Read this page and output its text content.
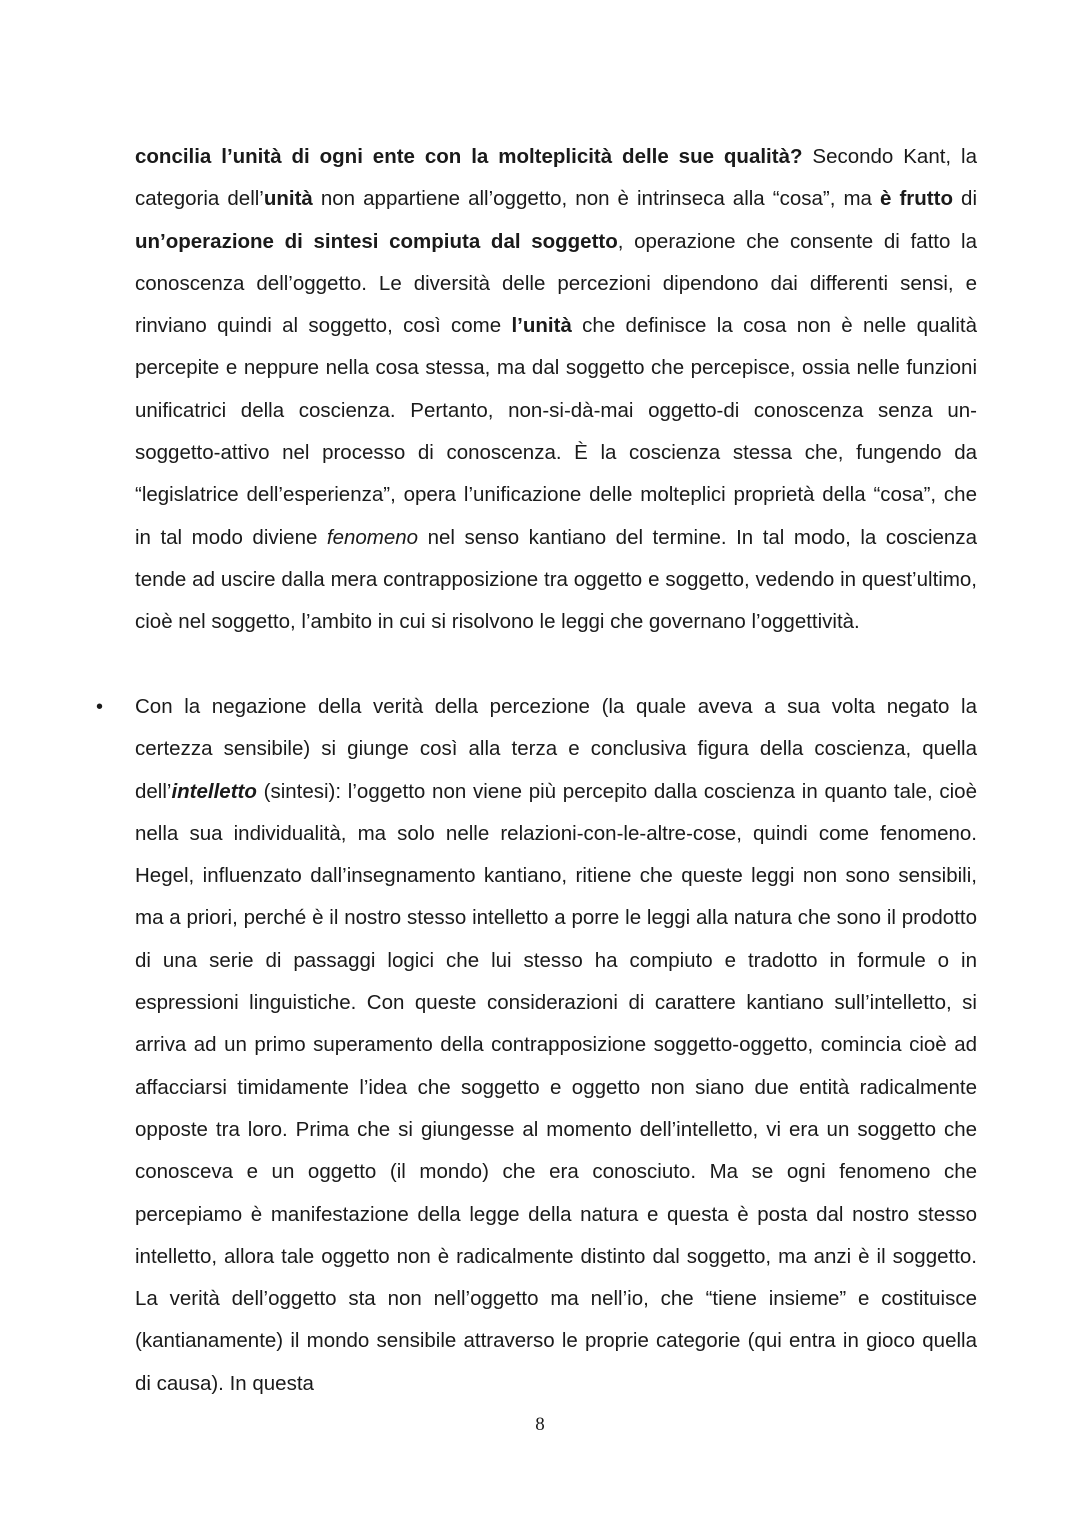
concilia l’unità di ogni ente con la molteplicità delle sue qualità? Secondo Kant, la categoria dell’unità non appartiene all’oggetto, non è intrinseca alla “cosa”, ma è frutto di un’operazione di sintesi compiuta dal soggetto, operazione che consente di fatto la conoscenza dell’oggetto. Le diversità delle percezioni dipendono dai differenti sensi, e rinviano quindi al soggetto, così come l’unità che definisce la cosa non è nelle qualità percepite e neppure nella cosa stessa, ma dal soggetto che percepisce, ossia nelle funzioni unificatrici della coscienza. Pertanto, non-si-dà-mai oggetto-di conoscenza senza un-soggetto-attivo nel processo di conoscenza. È la coscienza stessa che, fungendo da “legislatrice dell’esperienza”, opera l’unificazione delle molteplici proprietà della “cosa”, che in tal modo diviene fenomeno nel senso kantiano del termine. In tal modo, la coscienza tende ad uscire dalla mera contrapposizione tra oggetto e soggetto, vedendo in quest’ultimo, cioè nel soggetto, l’ambito in cui si risolvono le leggi che governano l’oggettività.

• Con la negazione della verità della percezione (la quale aveva a sua volta negato la certezza sensibile) si giunge così alla terza e conclusiva figura della coscienza, quella dell’intelletto (sintesi): l’oggetto non viene più percepito dalla coscienza in quanto tale, cioè nella sua individualità, ma solo nelle relazioni-con-le-altre-cose, quindi come fenomeno. Hegel, influenzato dall’insegnamento kantiano, ritiene che queste leggi non sono sensibili, ma a priori, perché è il nostro stesso intelletto a porre le leggi alla natura che sono il prodotto di una serie di passaggi logici che lui stesso ha compiuto e tradotto in formule o in espressioni linguistiche. Con queste considerazioni di carattere kantiano sull’intelletto, si arriva ad un primo superamento della contrapposizione soggetto-oggetto, comincia cioè ad affacciarsi timidamente l’idea che soggetto e oggetto non siano due entità radicalmente opposte tra loro. Prima che si giungesse al momento dell’intelletto, vi era un soggetto che conosceva e un oggetto (il mondo) che era conosciuto. Ma se ogni fenomeno che percepiamo è manifestazione della legge della natura e questa è posta dal nostro stesso intelletto, allora tale oggetto non è radicalmente distinto dal soggetto, ma anzi è il soggetto. La verità dell’oggetto sta non nell’oggetto ma nell’io, che “tiene insieme” e costituisce (kantianamente) il mondo sensibile attraverso le proprie categorie (qui entra in gioco quella di causa). In questa

8
